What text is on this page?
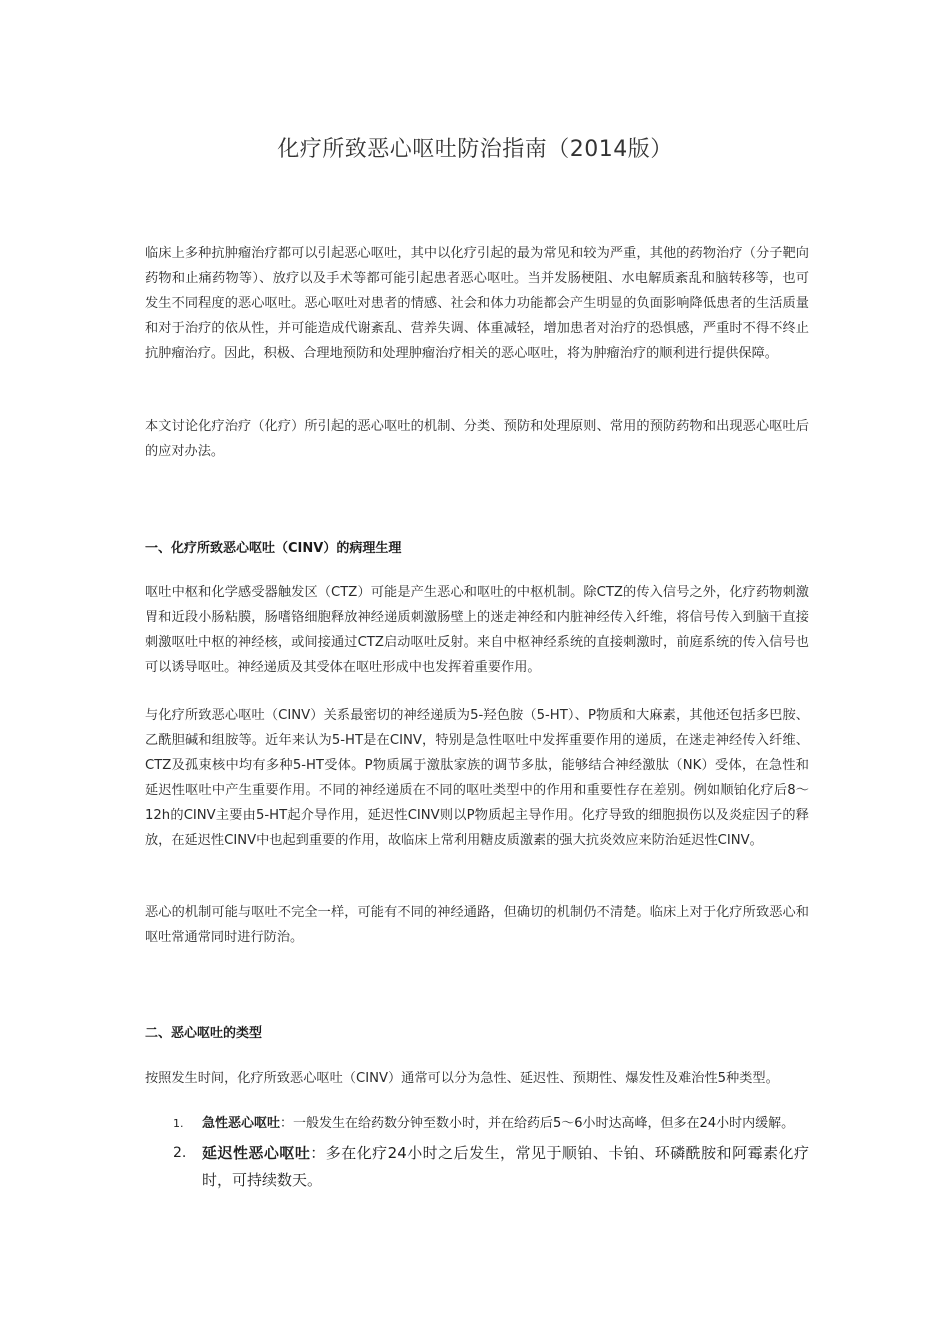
化疗所致恶心呕吐防治指南（2014版）

临床上多种抗肿瘤治疗都可以引起恶心呕吐，其中以化疗引起的最为常见和较为严重，其他的药物治疗（分子靶向药物和止痛药物等）、放疗以及手术等都可能引起患者恶心呕吐。当并发肠梗阻、水电解质紊乱和脑转移等，也可发生不同程度的恶心呕吐。恶心呕吐对患者的情感、社会和体力功能都会产生明显的负面影响降低患者的生活质量和对于治疗的依从性，并可能造成代谢紊乱、营养失调、体重减轻，增加患者对治疗的恐惧感，严重时不得不终止抗肿瘤治疗。因此，积极、合理地预防和处理肿瘤治疗相关的恶心呕吐，将为肿瘤治疗的顺利进行提供保障。

本文讨论化疗治疗（化疗）所引起的恶心呕吐的机制、分类、预防和处理原则、常用的预防药物和出现恶心呕吐后的应对办法。

一、化疗所致恶心呕吐（CINV）的病理生理

呕吐中枢和化学感受器触发区（CTZ）可能是产生恶心和呕吐的中枢机制。除CTZ的传入信号之外，化疗药物刺激胃和近段小肠粘膜，肠嗜铬细胞释放神经递质刺激肠壁上的迷走神经和内脏神经传入纤维，将信号传入到脑干直接刺激呕吐中枢的神经核，或间接通过CTZ启动呕吐反射。来自中枢神经系统的直接刺激时，前庭系统的传入信号也可以诱导呕吐。神经递质及其受体在呕吐形成中也发挥着重要作用。

与化疗所致恶心呕吐（CINV）关系最密切的神经递质为5-羟色胺（5-HT）、P物质和大麻素，其他还包括多巴胺、乙酰胆碱和组胺等。近年来认为5-HT是在CINV，特别是急性呕吐中发挥重要作用的递质，在迷走神经传入纤维、CTZ及孤束核中均有多种5-HT受体。P物质属于激肽家族的调节多肽，能够结合神经激肽（NK）受体，在急性和延迟性呕吐中产生重要作用。不同的神经递质在不同的呕吐类型中的作用和重要性存在差别。例如顺铂化疗后8～12h的CINV主要由5-HT起介导作用，延迟性CINV则以P物质起主导作用。化疗导致的细胞损伤以及炎症因子的释放，在延迟性CINV中也起到重要的作用，故临床上常利用糖皮质激素的强大抗炎效应来防治延迟性CINV。

恶心的机制可能与呕吐不完全一样，可能有不同的神经通路，但确切的机制仍不清楚。临床上对于化疗所致恶心和呕吐常通常同时进行防治。

二、恶心呕吐的类型

按照发生时间，化疗所致恶心呕吐（CINV）通常可以分为急性、延迟性、预期性、爆发性及难治性5种类型。

1. 急性恶心呕吐：一般发生在给药数分钟至数小时，并在给药后5～6小时达高峰，但多在24小时内缓解。
2. 延迟性恶心呕吐：多在化疗24小时之后发生，常见于顺铂、卡铂、环磷酰胺和阿霉素化疗时，可持续数天。
